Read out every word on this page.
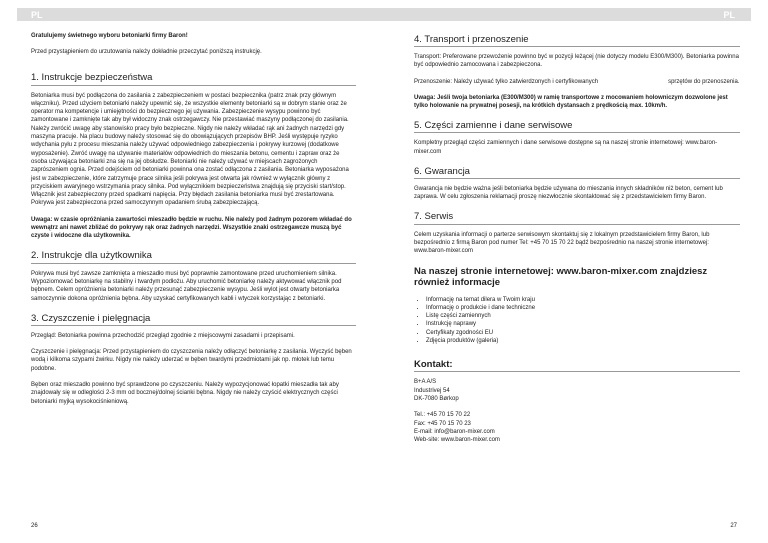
PL

Gratulujemy świetnego wyboru betoniarki firmy Baron!

Przed przystąpieniem do urzutowania należy dokładnie przeczytać poniższą instrukcję.

1. Instrukcje bezpieczeństwa

Betoniarka musi być podłączona do zasilania z zabezpieczeniem w postaci bezpiecznika (patrz znak przy głównym włączniku). Przed użyciem betoniarki należy upewnić się, że wszystkie elementy betoniarki są w dobrym stanie oraz że operator ma kompetencje i umiejętności do bezpiecznego jej używania. Zabezpieczenie wysypu powinno być zamontowane i zamknięte tak aby był widoczny znak ostrzegawczy. Nie przestawiać maszyny podłączonej do zasilania. Należy zwrócić uwagę aby stanowisko pracy było bezpieczne. Nigdy nie należy wkładać rąk ani żadnych narzędzi gdy maszyna pracuje. Na placu budowy należy stosować się do obowiązujących przepisów BHP. Jeśli występuje ryzyko wdychania pyłu z procesu mieszania należy używać odpowiedniego zabezpieczenia i pokrywy kurzowej (dodatkowe wyposażenie). Zwróć uwagę na używanie materiałów odpowiednich do mieszania betonu, cementu i zapraw oraz że osoba używająca betoniarki zna się na jej obsłudze. Betoniarki nie należy używać w miejscach zagrożonych zaprószeniem ognia. Przed odejściem od betoniarki powinna ona zostać odłączona z zasilania. Betoniarka wyposażona jest w zabezpieczenie, które zatrzymuje prace silnika jeśli pokrywa jest otwarta jak również w wyłącznik główny z przyciskiem awaryjnego wstrzymania pracy silnika. Pod wyłącznikiem bezpieczeństwa znajdują się przyciski start/stop. Włącznik jest zabezpieczony przed spadkami napięcia. Przy błędach zasilania betoniarka musi być zrestartowana. Pokrywa jest zabezpieczona przed samoczynnym opadaniem śrubą zabezpieczającą.

Uwaga: w czasie opróżniania zawartości mieszadło będzie w ruchu. Nie należy pod żadnym pozorem wkładać do wewnątrz ani nawet zbliżać do pokrywy rąk oraz żadnych narzędzi. Wszystkie znaki ostrzegawcze muszą być czyste i widoczne dla użytkownika.

2. Instrukcje dla użytkownika

Pokrywa musi być zawsze zamknięta a mieszadło musi być poprawnie zamontowane przed uruchomieniem silnika. Wypoziomować betoniarkę na stabilny i twardym podłożu. Aby uruchomić betoniarkę należy aktywować włącznik pod bębnem. Celem opróżnienia betoniarki należy przesunąć zabezpieczenie wysypu. Jeśli wylot jest otwarty betoniarka samoczynnie dokona opróżnienia bębna. Aby uzyskać certyfikowanych kabli i wtyczek korzystając z betoniarki.

3. Czyszczenie i pielęgnacja

Przegląd: Betoniarka powinna przechodzić przegląd zgodnie z miejscowymi zasadami i przepisami.

Czyszczenie i pielęgnacja: Przed przystąpieniem do czyszczenia należy odłączyć betoniarkę z zasilania. Wyczyść bęben wodą i kilkoma szypami żwirku. Nigdy nie należy uderzać w bęben twardymi przedmiotami jak np. młotek lub temu podobne.

Bęben oraz mieszadło powinno być sprawdzone po czyszczeniu. Należy wypozycjonować łopatki mieszadła tak aby znajdowały się w odległości 2-3 mm od bocznej/dolnej ścianki bębna. Nigdy nie należy czyścić elektrycznych części betoniarki myjką wysokociśnieniową.

26
PL
4. Transport i przenoszenie

Transport: Preferowane przewożenie powinno być w pozycji leżącej (nie dotyczy modelu E300/M300). Betoniarka powinna być odpowiednio zamocowana i zabezpieczona.

Przenoszenie: Należy używać tylko zatwierdzonych i certyfikowanych	sprzętów do przenoszenia.

Uwaga: Jeśli twoja betoniarka (E300/M300) w ramię transportowe z mocowaniem holowniczym dozwolone jest tylko holowanie na prywatnej posesji, na krótkich dystansach z prędkością max. 10km/h.

5. Części zamienne i dane serwisowe

Kompletny przegląd części zamiennych i dane serwisowe dostępne są na naszej stronie internetowej: www.baron-mixer.com

6. Gwarancja

Gwarancja nie będzie ważna jeśli betoniarka będzie używana do mieszania innych składników niż beton, cement lub zaprawa. W celu zgłoszenia reklamacji proszę niezwłocznie skontaktować się z przedstawicielem firmy Baron.

7. Serwis

Celem uzyskania informacji o parterze serwisowym skontaktuj się z lokalnym przedstawicielem firmy Baron, lub bezpośrednio z firmą Baron pod numer Tel: +45 70 15 70 22 bądź bezpośrednio na naszej stronie internetowej: www.baron-mixer.com

Na naszej stronie internetowej: www.baron-mixer.com znajdziesz również informacje
• Informację na temat dilera w Twoim kraju
• Informację o produkcie i dane techniczne
• Listę części zamiennych
• Instrukcję naprawy
• Certyfikaty zgodności EU
• Zdjęcia produktów (galeria)
Kontakt:

B+A A/S
Industrivej 54
DK-7080 Børkop

Tel.: +45 70 15 70 22
Fax: +45 70 15 70 23
E-mail: info@baron-mixer.com
Web-site: www.baron-mixer.com

27
